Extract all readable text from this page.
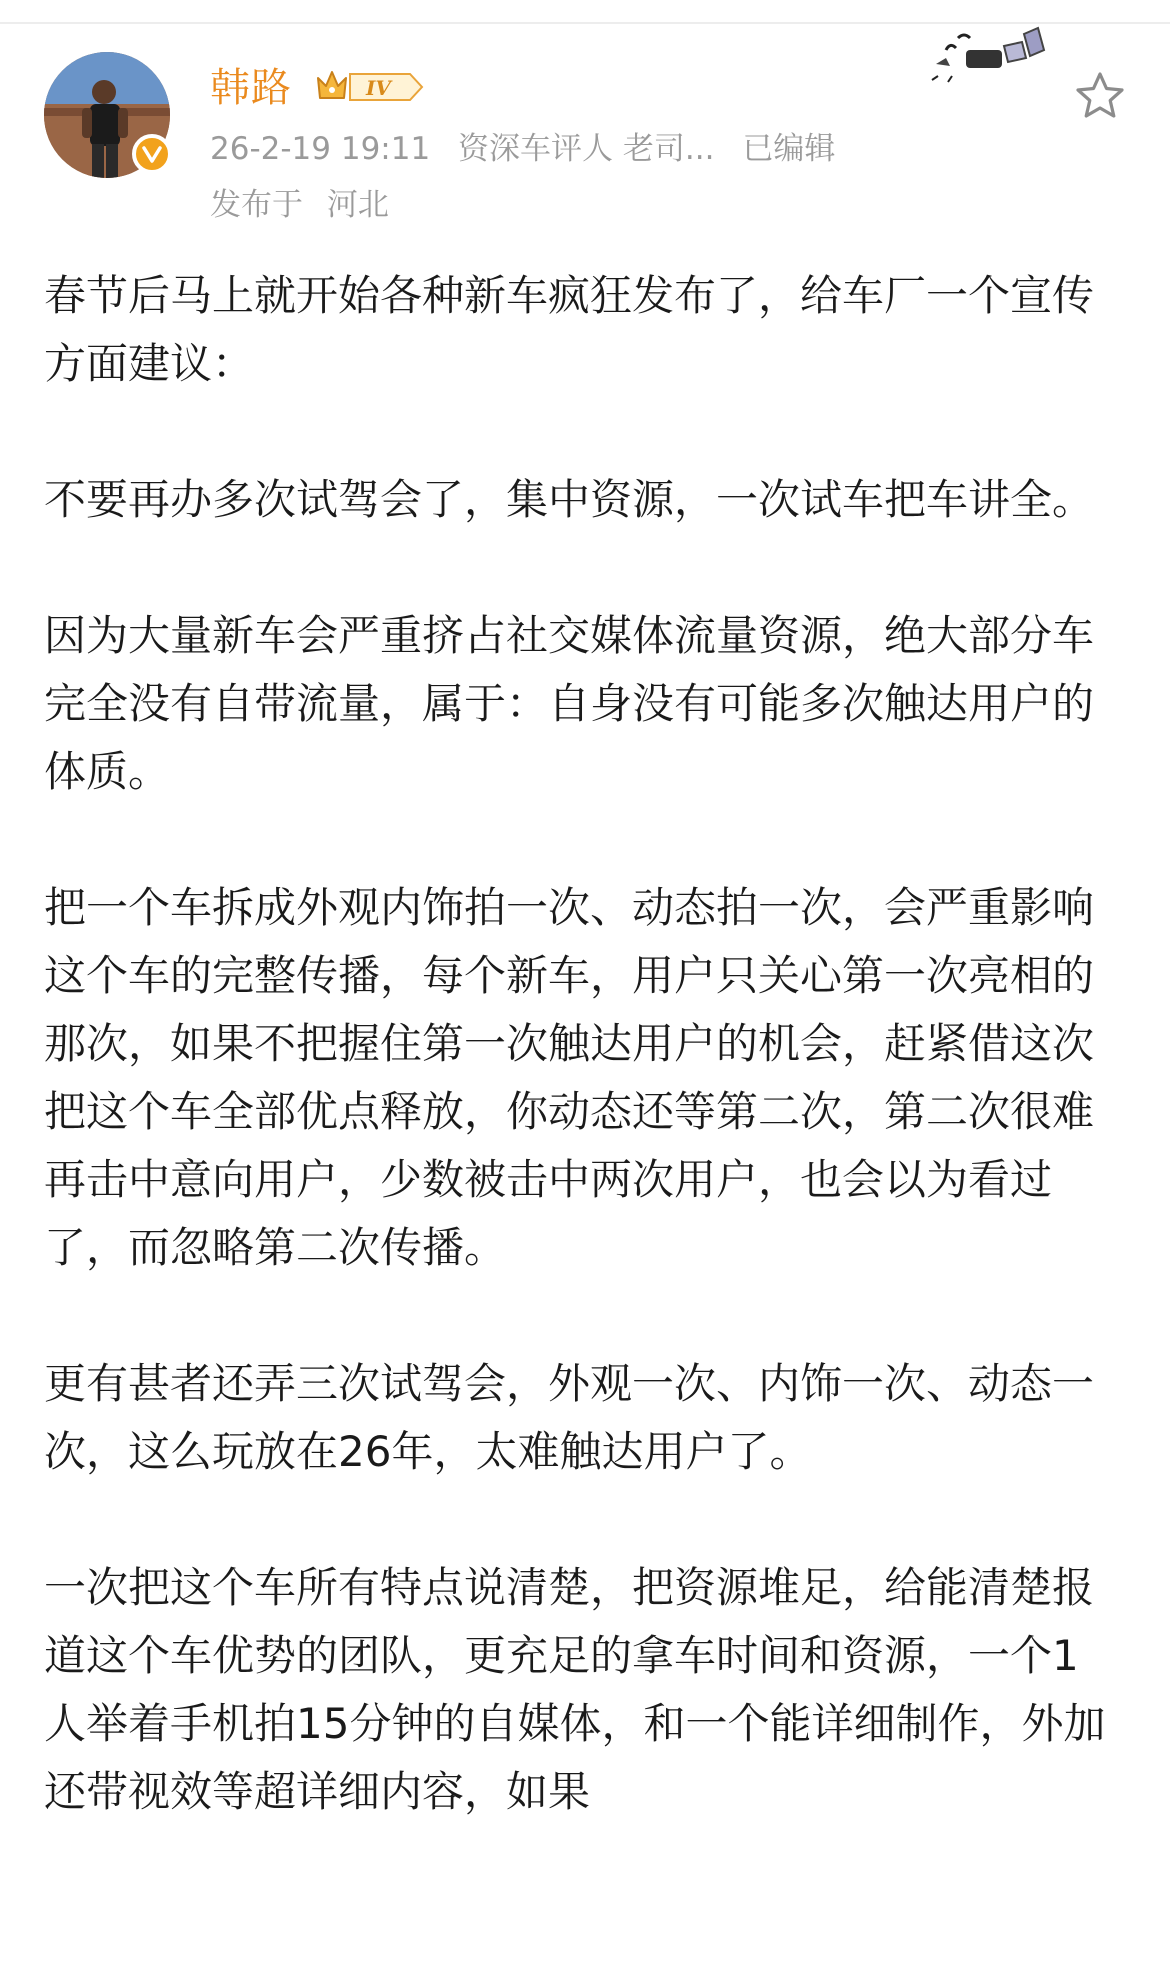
韩路	IV
26-2-19 19:11 资深车评人 老司... 已编辑
发布于 河北

春节后马上就开始各种新车疯狂发布了，给车厂一个宣传方面建议：

不要再办多次试驾会了，集中资源，一次试车把车讲全。

因为大量新车会严重挤占社交媒体流量资源，绝大部分车完全没有自带流量，属于：自身没有可能多次触达用户的体质。

把一个车拆成外观内饰拍一次、动态拍一次，会严重影响这个车的完整传播，每个新车，用户只关心第一次亮相的那次，如果不把握住第一次触达用户的机会，赶紧借这次把这个车全部优点释放，你动态还等第二次，第二次很难再击中意向用户，少数被击中两次用户，也会以为看过了，而忽略第二次传播。

更有甚者还弄三次试驾会，外观一次、内饰一次、动态一次，这么玩放在26年，太难触达用户了。

一次把这个车所有特点说清楚，把资源堆足，给能清楚报道这个车优势的团队，更充足的拿车时间和资源，一个1人举着手机拍15分钟的自媒体，和一个能详细制作，外加还带视效等超详细内容，如果
